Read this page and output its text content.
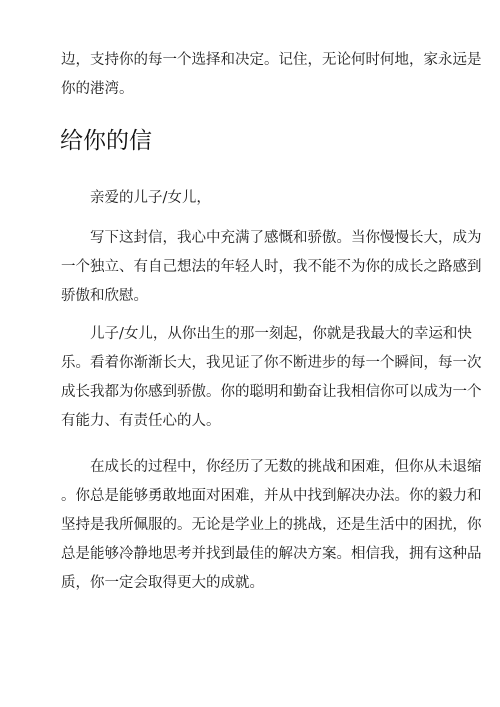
边，支持你的每一个选择和决定。记住，无论何时何地，家永远是
你的港湾。

给你的信

亲爱的儿子/女儿，

写下这封信，我心中充满了感慨和骄傲。当你慢慢长大，成为
一个独立、有自己想法的年轻人时，我不能不为你的成长之路感到
骄傲和欣慰。

儿子/女儿，从你出生的那一刻起，你就是我最大的幸运和快
乐。看着你渐渐长大，我见证了你不断进步的每一个瞬间，每一次
成长我都为你感到骄傲。你的聪明和勤奋让我相信你可以成为一个
有能力、有责任心的人。

在成长的过程中，你经历了无数的挑战和困难，但你从未退缩
。你总是能够勇敢地面对困难，并从中找到解决办法。你的毅力和
坚持是我所佩服的。无论是学业上的挑战，还是生活中的困扰，你
总是能够冷静地思考并找到最佳的解决方案。相信我，拥有这种品
质，你一定会取得更大的成就。
